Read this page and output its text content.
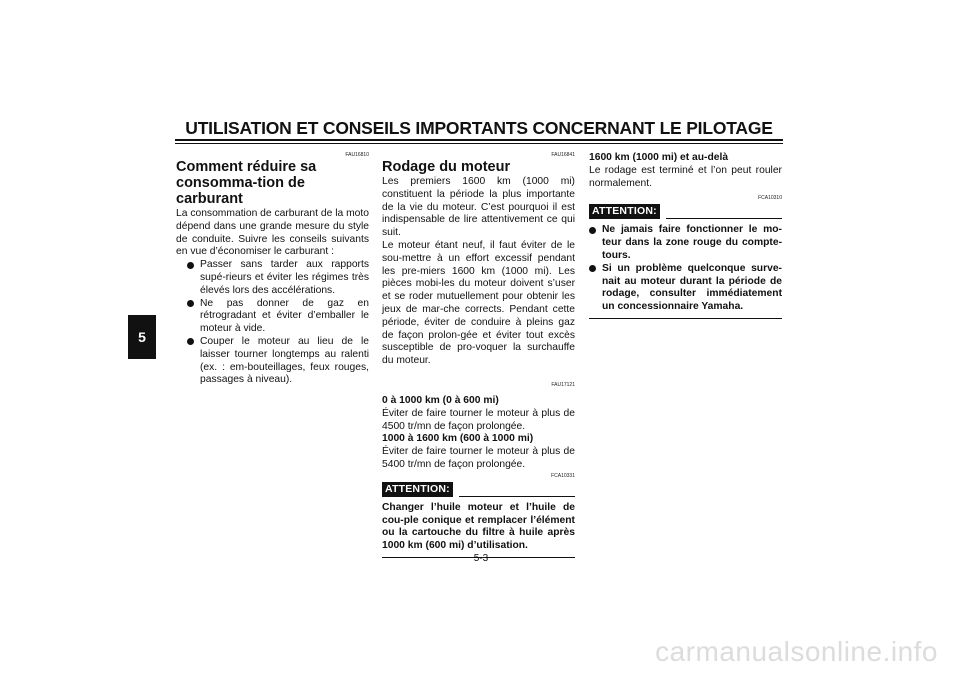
UTILISATION ET CONSEILS IMPORTANTS CONCERNANT LE PILOTAGE
5
FAU16810
Comment réduire sa consomma-tion de carburant
La consommation de carburant de la moto dépend dans une grande mesure du style de conduite. Suivre les conseils suivants en vue d’économiser le carburant :
Passer sans tarder aux rapports supé-rieurs et éviter les régimes très élevés lors des accélérations.
Ne pas donner de gaz en rétrogradant et éviter d’emballer le moteur à vide.
Couper le moteur au lieu de le laisser tourner longtemps au ralenti (ex. : em-bouteillages, feux rouges, passages à niveau).
FAU16841
Rodage du moteur
Les premiers 1600 km (1000 mi) constituent la période la plus importante de la vie du moteur. C’est pourquoi il est indispensable de lire attentivement ce qui suit.
Le moteur étant neuf, il faut éviter de le sou-mettre à un effort excessif pendant les pre-miers 1600 km (1000 mi). Les pièces mobi-les du moteur doivent s’user et se roder mutuellement pour obtenir les jeux de mar-che corrects. Pendant cette période, éviter de conduire à pleins gaz de façon prolon-gée et éviter tout excès susceptible de pro-voquer la surchauffe du moteur.
FAU17121
0 à 1000 km (0 à 600 mi)
Éviter de faire tourner le moteur à plus de 4500 tr/mn de façon prolongée.
1000 à 1600 km (600 à 1000 mi)
Éviter de faire tourner le moteur à plus de 5400 tr/mn de façon prolongée.
FCA10331
ATTENTION:
Changer l’huile moteur et l’huile de cou-ple conique et remplacer l’élément ou la cartouche du filtre à huile après 1000 km (600 mi) d’utilisation.
1600 km (1000 mi) et au-delà
Le rodage est terminé et l’on peut rouler normalement.
FCA10310
ATTENTION:
Ne jamais faire fonctionner le mo-teur dans la zone rouge du compte-tours.
Si un problème quelconque surve-nait au moteur durant la période de rodage, consulter immédiatement un concessionnaire Yamaha.
5-3
carmanualsonline.info
